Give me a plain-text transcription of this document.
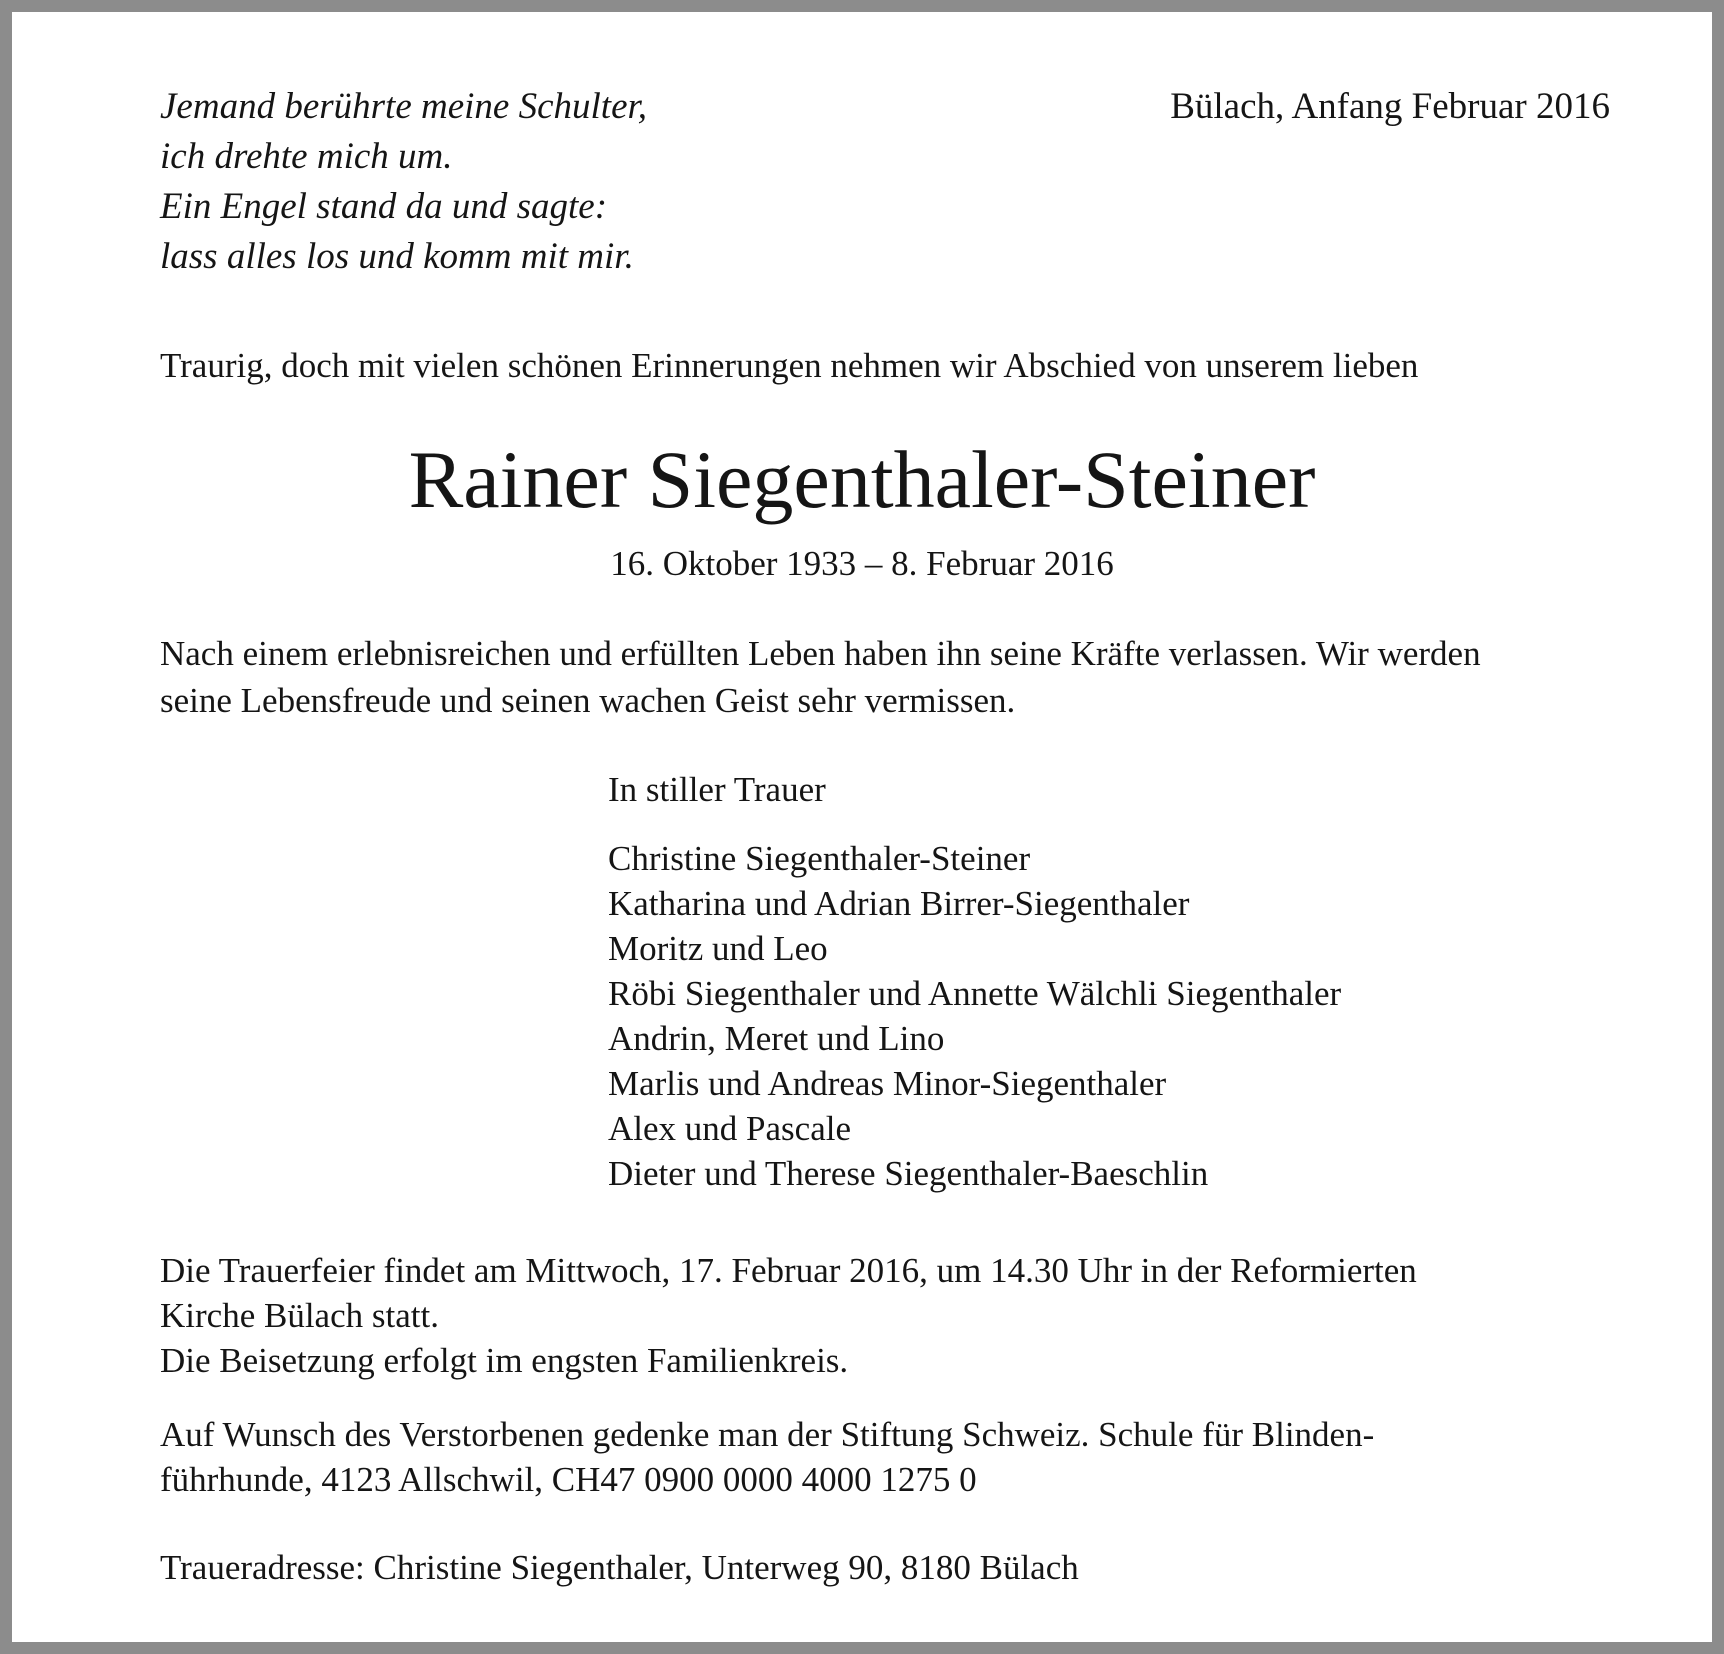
Jemand berührte meine Schulter,
ich drehte mich um.
Ein Engel stand da und sagte:
lass alles los und komm mit mir.
Bülach, Anfang Februar 2016
Traurig, doch mit vielen schönen Erinnerungen nehmen wir Abschied von unserem lieben
Rainer Siegenthaler-Steiner
16. Oktober 1933 – 8. Februar 2016

Nach einem erlebnisreichen und erfüllten Leben haben ihn seine Kräfte verlassen. Wir werden

seine Lebensfreude und seinen wachen Geist sehr vermissen.

In stiller Trauer
Christine Siegenthaler-Steiner
Katharina und Adrian Birrer-Siegenthaler
Moritz und Leo
Röbi Siegenthaler und Annette Wälchli Siegenthaler
Andrin, Meret und Lino
Marlis und Andreas Minor-Siegenthaler
Alex und Pascale
Dieter und Therese Siegenthaler-Baeschlin

Die Trauerfeier findet am Mittwoch, 17. Februar 2016, um 14.30 Uhr in der Reformierten

Kirche Bülach statt.

Die Beisetzung erfolgt im engsten Familienkreis.

Auf Wunsch des Verstorbenen gedenke man der Stiftung Schweiz. Schule für Blinden-

führhunde, 4123 Allschwil, CH47 0900 0000 4000 1275 0

Traueradresse: Christine Siegenthaler, Unterweg 90, 8180 Bülach
